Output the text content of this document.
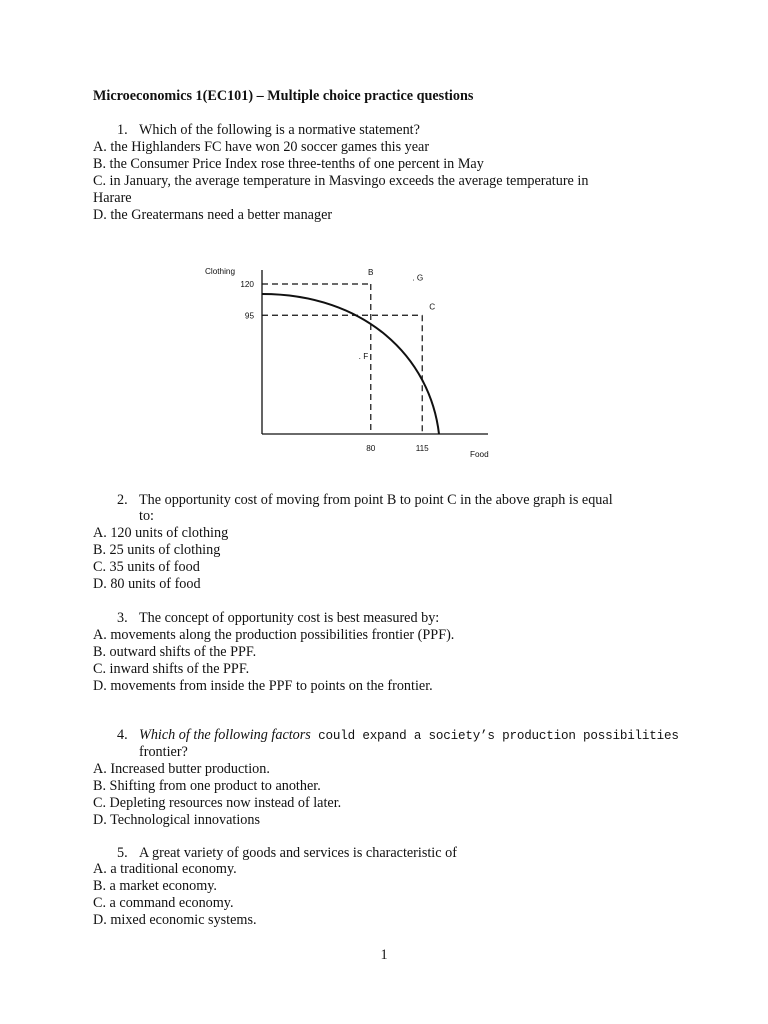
Microeconomics 1(EC101) – Multiple choice practice questions
1. Which of the following is a normative statement?
A. the Highlanders FC have won 20 soccer games this year
B. the Consumer Price Index rose three-tenths of one percent in May
C. in January, the average temperature in Masvingo exceeds the average temperature in
Harare
D. the Greatermans need a better manager
Clothing
Food
120
95
80	115
B
C
. F
. G
2. The opportunity cost of moving from point B to point C in the above graph is equal
to:
A. 120 units of clothing
B. 25 units of clothing
C. 35 units of food
D. 80 units of food
3. The concept of opportunity cost is best measured by:
A. movements along the production possibilities frontier (PPF).
B. outward shifts of the PPF.
C. inward shifts of the PPF.
D. movements from inside the PPF to points on the frontier.
4. Which of the following factors could expand a society’s production possibilities
frontier?
A. Increased butter production.
B. Shifting from one product to another.
C. Depleting resources now instead of later.
D. Technological innovations
5. A great variety of goods and services is characteristic of
A. a traditional economy.
B. a market economy.
C. a command economy.
D. mixed economic systems.
1
